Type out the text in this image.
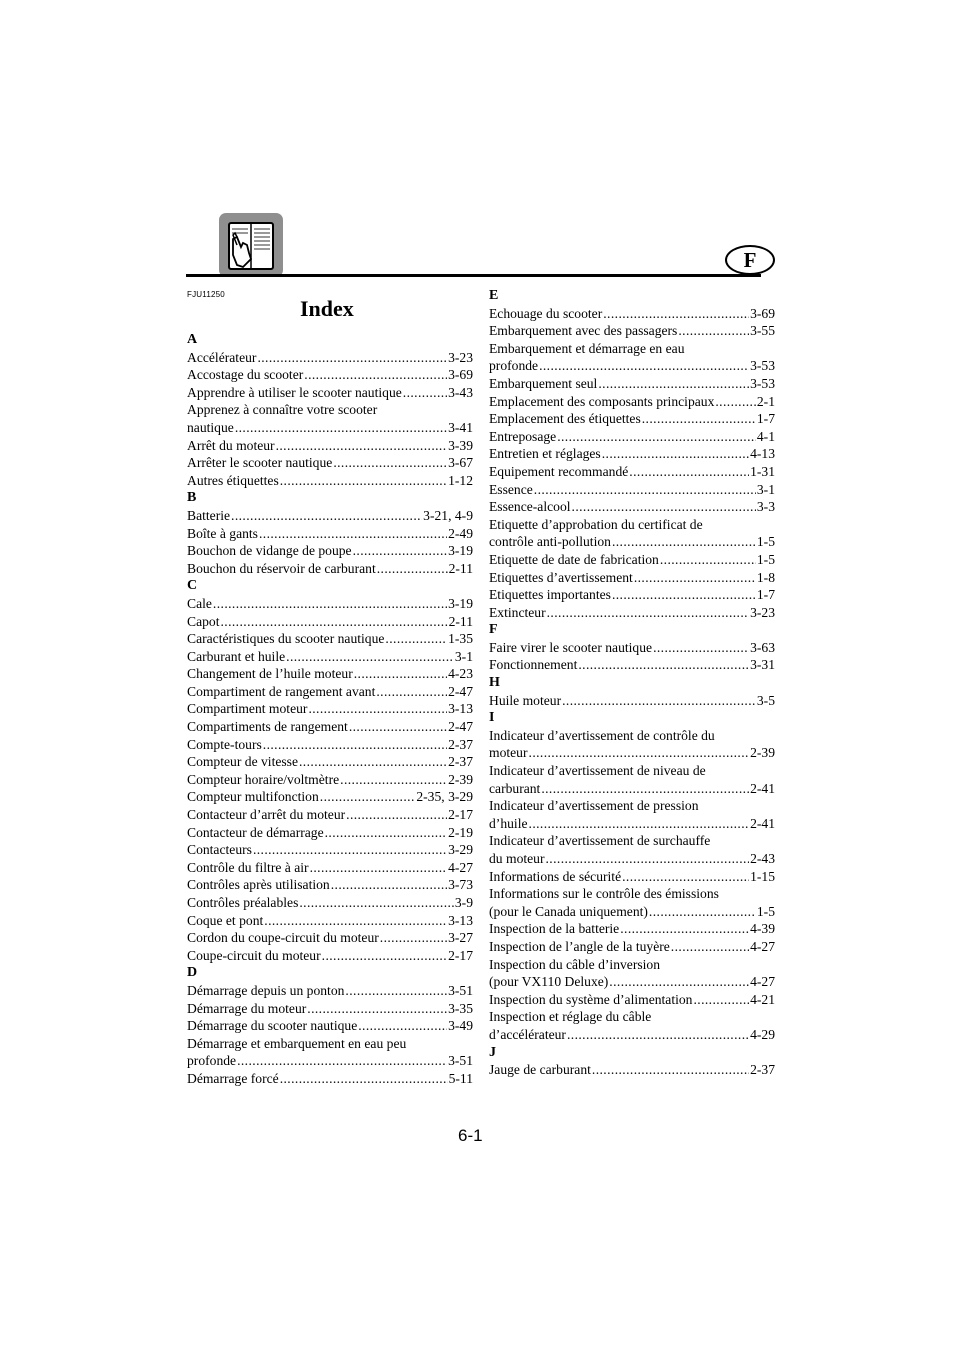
F
FJU11250
Index
A
Accélérateur .....	3-23
Accostage du scooter .....	3-69
Apprendre à utiliser le scooter nautique .....	3-43
Apprenez à connaître votre scooter
nautique .....	3-41
Arrêt du moteur .....	3-39
Arrêter le scooter nautique .....	3-67
Autres étiquettes .....	1-12
B
Batterie .....	3-21, 4-9
Boîte à gants .....	2-49
Bouchon de vidange de poupe .....	3-19
Bouchon du réservoir de carburant .....	2-11
C
Cale .....	3-19
Capot .....	2-11
Caractéristiques du scooter nautique .....	1-35
Carburant et huile .....	3-1
Changement de l’huile moteur .....	4-23
Compartiment de rangement avant .....	2-47
Compartiment moteur .....	3-13
Compartiments de rangement .....	2-47
Compte-tours .....	2-37
Compteur de vitesse .....	2-37
Compteur horaire/voltmètre .....	2-39
Compteur multifonction .....	2-35, 3-29
Contacteur d’arrêt du moteur .....	2-17
Contacteur de démarrage .....	2-19
Contacteurs .....	3-29
Contrôle du filtre à air .....	4-27
Contrôles après utilisation .....	3-73
Contrôles préalables .....	3-9
Coque et pont .....	3-13
Cordon du coupe-circuit du moteur .....	3-27
Coupe-circuit du moteur .....	2-17
D
Démarrage depuis un ponton .....	3-51
Démarrage du moteur .....	3-35
Démarrage du scooter nautique .....	3-49
Démarrage et embarquement en eau peu
profonde .....	3-51
Démarrage forcé .....	5-11
E
Echouage du scooter .....	3-69
Embarquement avec des passagers .....	3-55
Embarquement et démarrage en eau
profonde .....	3-53
Embarquement seul .....	3-53
Emplacement des composants principaux .....	2-1
Emplacement des étiquettes .....	1-7
Entreposage .....	4-1
Entretien et réglages .....	4-13
Equipement recommandé .....	1-31
Essence .....	3-1
Essence-alcool .....	3-3
Etiquette d’approbation du certificat de
contrôle anti-pollution .....	1-5
Etiquette de date de fabrication .....	1-5
Etiquettes d’avertissement .....	1-8
Etiquettes importantes .....	1-7
Extincteur .....	3-23
F
Faire virer le scooter nautique .....	3-63
Fonctionnement .....	3-31
H
Huile moteur .....	3-5
I
Indicateur d’avertissement de contrôle du
moteur .....	2-39
Indicateur d’avertissement de niveau de
carburant .....	2-41
Indicateur d’avertissement de pression
d’huile .....	2-41
Indicateur d’avertissement de surchauffe
du moteur .....	2-43
Informations de sécurité .....	1-15
Informations sur le contrôle des émissions
(pour le Canada uniquement) .....	1-5
Inspection de la batterie .....	4-39
Inspection de l’angle de la tuyère .....	4-27
Inspection du câble d’inversion
(pour VX110 Deluxe) .....	4-27
Inspection du système d’alimentation .....	4-21
Inspection et réglage du câble
d’accélérateur .....	4-29
J
Jauge de carburant .....	2-37
6-1
